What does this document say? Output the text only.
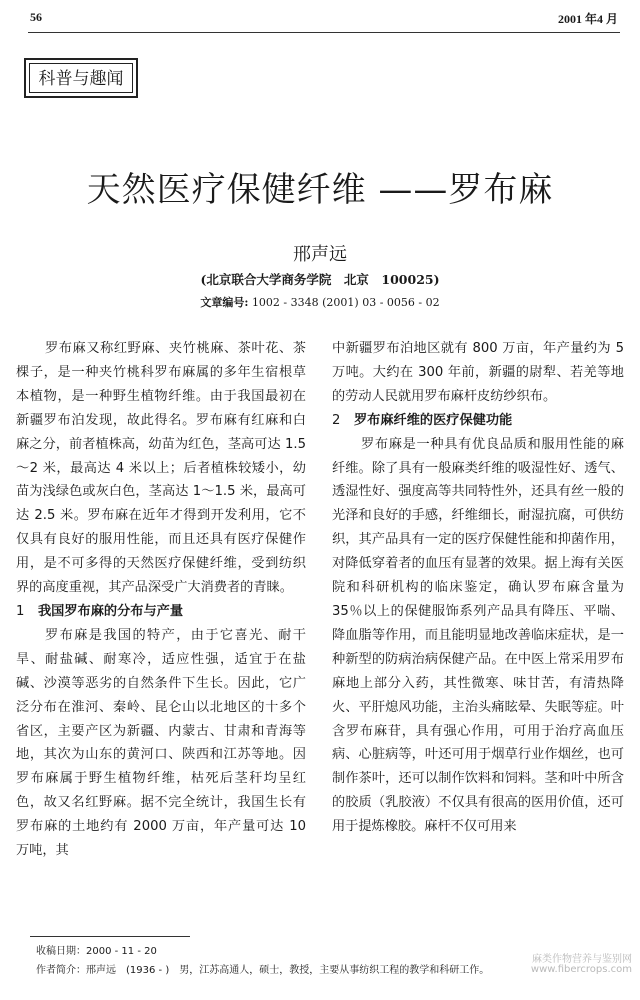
56	2001 年4 月
科普与趣闻
天然医疗保健纤维 ——罗布麻
邢声远
(北京联合大学商务学院　北京　100025)
文章编号: 1002 - 3348 (2001) 03 - 0056 - 02

罗布麻又称红野麻、夹竹桃麻、茶叶花、茶棵子，是一种夹竹桃科罗布麻属的多年生宿根草本植物，是一种野生植物纤维。由于我国最初在新疆罗布泊发现，故此得名。罗布麻有红麻和白麻之分，前者植株高，幼苗为红色，茎高可达 1.5～2 米，最高达 4 米以上；后者植株较矮小，幼苗为浅绿色或灰白色，茎高达 1～1.5 米，最高可达 2.5 米。罗布麻在近年才得到开发利用，它不仅具有良好的服用性能，而且还具有医疗保健作用，是不可多得的天然医疗保健纤维，受到纺织界的高度重视，其产品深受广大消费者的青睐。

1 我国罗布麻的分布与产量

罗布麻是我国的特产，由于它喜光、耐干旱、耐盐碱、耐寒冷，适应性强，适宜于在盐碱、沙漠等恶劣的自然条件下生长。因此，它广泛分布在淮河、秦岭、昆仑山以北地区的十多个省区，主要产区为新疆、内蒙古、甘肃和青海等地，其次为山东的黄河口、陕西和江苏等地。因罗布麻属于野生植物纤维，枯死后茎秆均呈红色，故又名红野麻。据不完全统计，我国生长有罗布麻的土地约有 2000 万亩，年产量可达 10 万吨，其

中新疆罗布泊地区就有 800 万亩，年产量约为 5 万吨。大约在 300 年前，新疆的尉犁、若羌等地的劳动人民就用罗布麻杆皮纺纱织布。

2 罗布麻纤维的医疗保健功能

罗布麻是一种具有优良品质和服用性能的麻纤维。除了具有一般麻类纤维的吸湿性好、透气、透湿性好、强度高等共同特性外，还具有丝一般的光泽和良好的手感，纤维细长，耐湿抗腐，可供纺织，其产品具有一定的医疗保健性能和抑菌作用，对降低穿着者的血压有显著的效果。据上海有关医院和科研机构的临床鉴定，确认罗布麻含量为 35％以上的保健服饰系列产品具有降压、平喘、降血脂等作用，而且能明显地改善临床症状，是一种新型的防病治病保健产品。在中医上常采用罗布麻地上部分入药，其性微寒、味甘苦，有清热降火、平肝熄风功能，主治头痛眩晕、失眠等症。叶含罗布麻苷，具有强心作用，可用于治疗高血压病、心脏病等，叶还可用于烟草行业作烟丝，也可制作茶叶，还可以制作饮料和饲料。茎和叶中所含的胶质（乳胶液）不仅具有很高的医用价值，还可用于提炼橡胶。麻杆不仅可用来

收稿日期：2000 - 11 - 20
作者简介：邢声远　(1936 - )　男，江苏高通人，硕士，教授，主要从事纺织工程的教学和科研工作。
麻类作物营养与鉴别网
www.fibercrops.com
